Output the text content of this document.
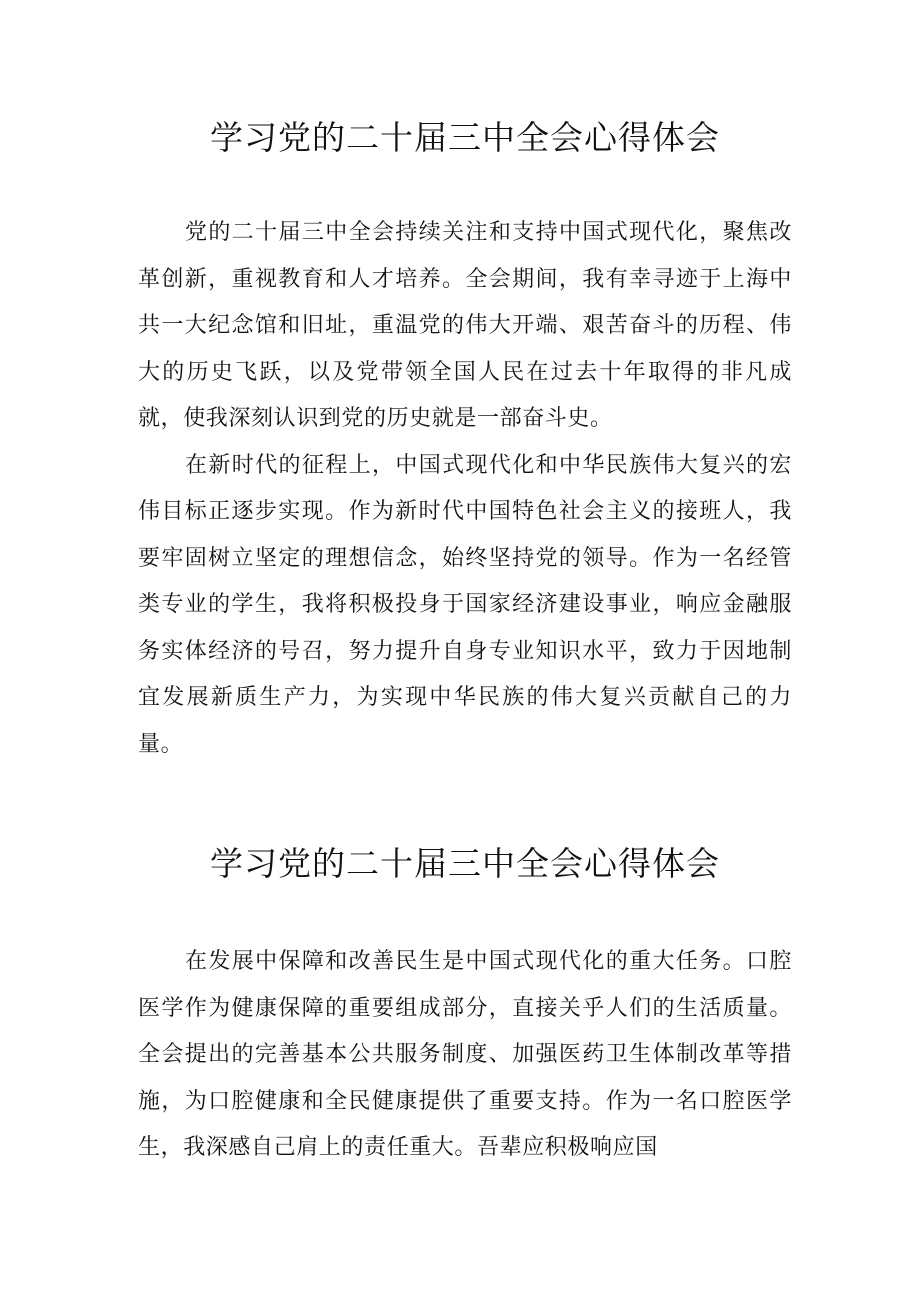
学习党的二十届三中全会心得体会

党的二十届三中全会持续关注和支持中国式现代化，聚焦改革创新，重视教育和人才培养。全会期间，我有幸寻迹于上海中共一大纪念馆和旧址，重温党的伟大开端、艰苦奋斗的历程、伟大的历史飞跃，以及党带领全国人民在过去十年取得的非凡成就，使我深刻认识到党的历史就是一部奋斗史。

在新时代的征程上，中国式现代化和中华民族伟大复兴的宏伟目标正逐步实现。作为新时代中国特色社会主义的接班人，我要牢固树立坚定的理想信念，始终坚持党的领导。作为一名经管类专业的学生，我将积极投身于国家经济建设事业，响应金融服务实体经济的号召，努力提升自身专业知识水平，致力于因地制宜发展新质生产力，为实现中华民族的伟大复兴贡献自己的力量。

学习党的二十届三中全会心得体会

在发展中保障和改善民生是中国式现代化的重大任务。口腔医学作为健康保障的重要组成部分，直接关乎人们的生活质量。全会提出的完善基本公共服务制度、加强医药卫生体制改革等措施，为口腔健康和全民健康提供了重要支持。作为一名口腔医学生，我深感自己肩上的责任重大。吾辈应积极响应国
